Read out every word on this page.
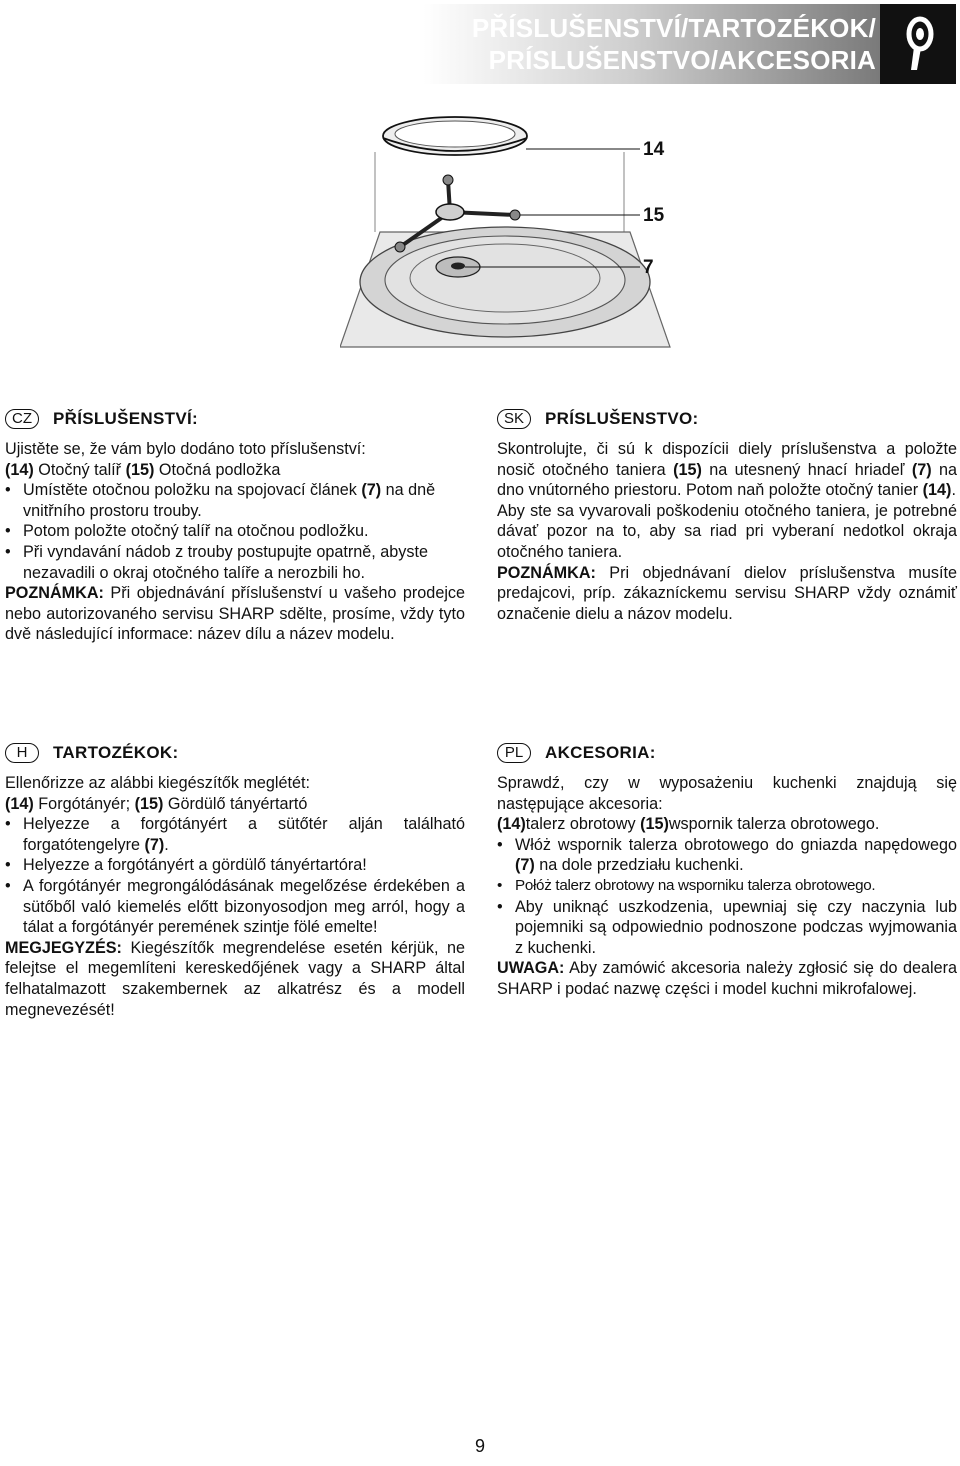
PŘÍSLUŠENSTVÍ/TARTOZÉKOK/
PRÍSLUŠENSTVO/AKCESORIA
14
15
7
CZ	PŘÍSLUŠENSTVÍ:

Ujistěte se, že vám bylo dodáno toto příslušenství:

(14) Otočný talíř (15) Otočná podložka

• Umístěte otočnou položku na spojovací článek (7) na dně vnitřního prostoru trouby.

• Potom položte otočný talíř na otočnou podložku.

• Při vyndavání nádob z trouby postupujte opatrně, abyste nezavadili o okraj otočného talíře a nerozbili ho.

POZNÁMKA: Při objednávání příslušenství u vašeho prodejce nebo autorizovaného servisu SHARP sdělte, prosíme, vždy tyto dvě následující informace: název dílu a název modelu.

SK	PRÍSLUŠENSTVO:

Skontrolujte, či sú k dispozícii diely príslušenstva a položte nosič otočného taniera (15) na utesnený hnací hriadeľ (7) na dno vnútorného priestoru. Potom naň položte otočný tanier (14).

Aby ste sa vyvarovali poškodeniu otočného taniera, je potrebné dávať pozor na to, aby sa riad pri vyberaní nedotkol okraja otočného taniera.

POZNÁMKA: Pri objednávaní dielov príslušenstva musíte predajcovi, príp. zákazníckemu servisu SHARP vždy oznámiť označenie dielu a názov modelu.

H	TARTOZÉKOK:

Ellenőrizze az alábbi kiegészítők meglétét:

(14) Forgótányér; (15) Gördülő tányértartó

• Helyezze a forgótányért a sütőtér alján található forgatótengelyre (7).

• Helyezze a forgótányért a gördülő tányértartóra!

• A forgótányér megrongálódásának megelőzése érdekében a sütőből való kiemelés előtt bizonyosodjon meg arról, hogy a tálat a forgótányér peremének szintje fölé emelte!

MEGJEGYZÉS: Kiegészítők megrendelése esetén kérjük, ne felejtse el megemlíteni kereskedőjének vagy a SHARP által felhatalmazott szakembernek az alkatrész és a modell megnevezését!

PL	AKCESORIA:

Sprawdź, czy w wyposażeniu kuchenki znajdują się następujące akcesoria:

(14)talerz obrotowy (15)wspornik talerza obrotowego.

• Włóż wspornik talerza obrotowego do gniazda napędowego (7) na dole przedziału kuchenki.

• Połóż talerz obrotowy na wsporniku talerza obrotowego.

• Aby uniknąć uszkodzenia, upewniaj się czy naczynia lub pojemniki są odpowiednio podnoszone podczas wyjmowania z kuchenki.

UWAGA: Aby zamówić akcesoria należy zgłosić się do dealera SHARP i podać nazwę części i model kuchni mikrofalowej.

9
